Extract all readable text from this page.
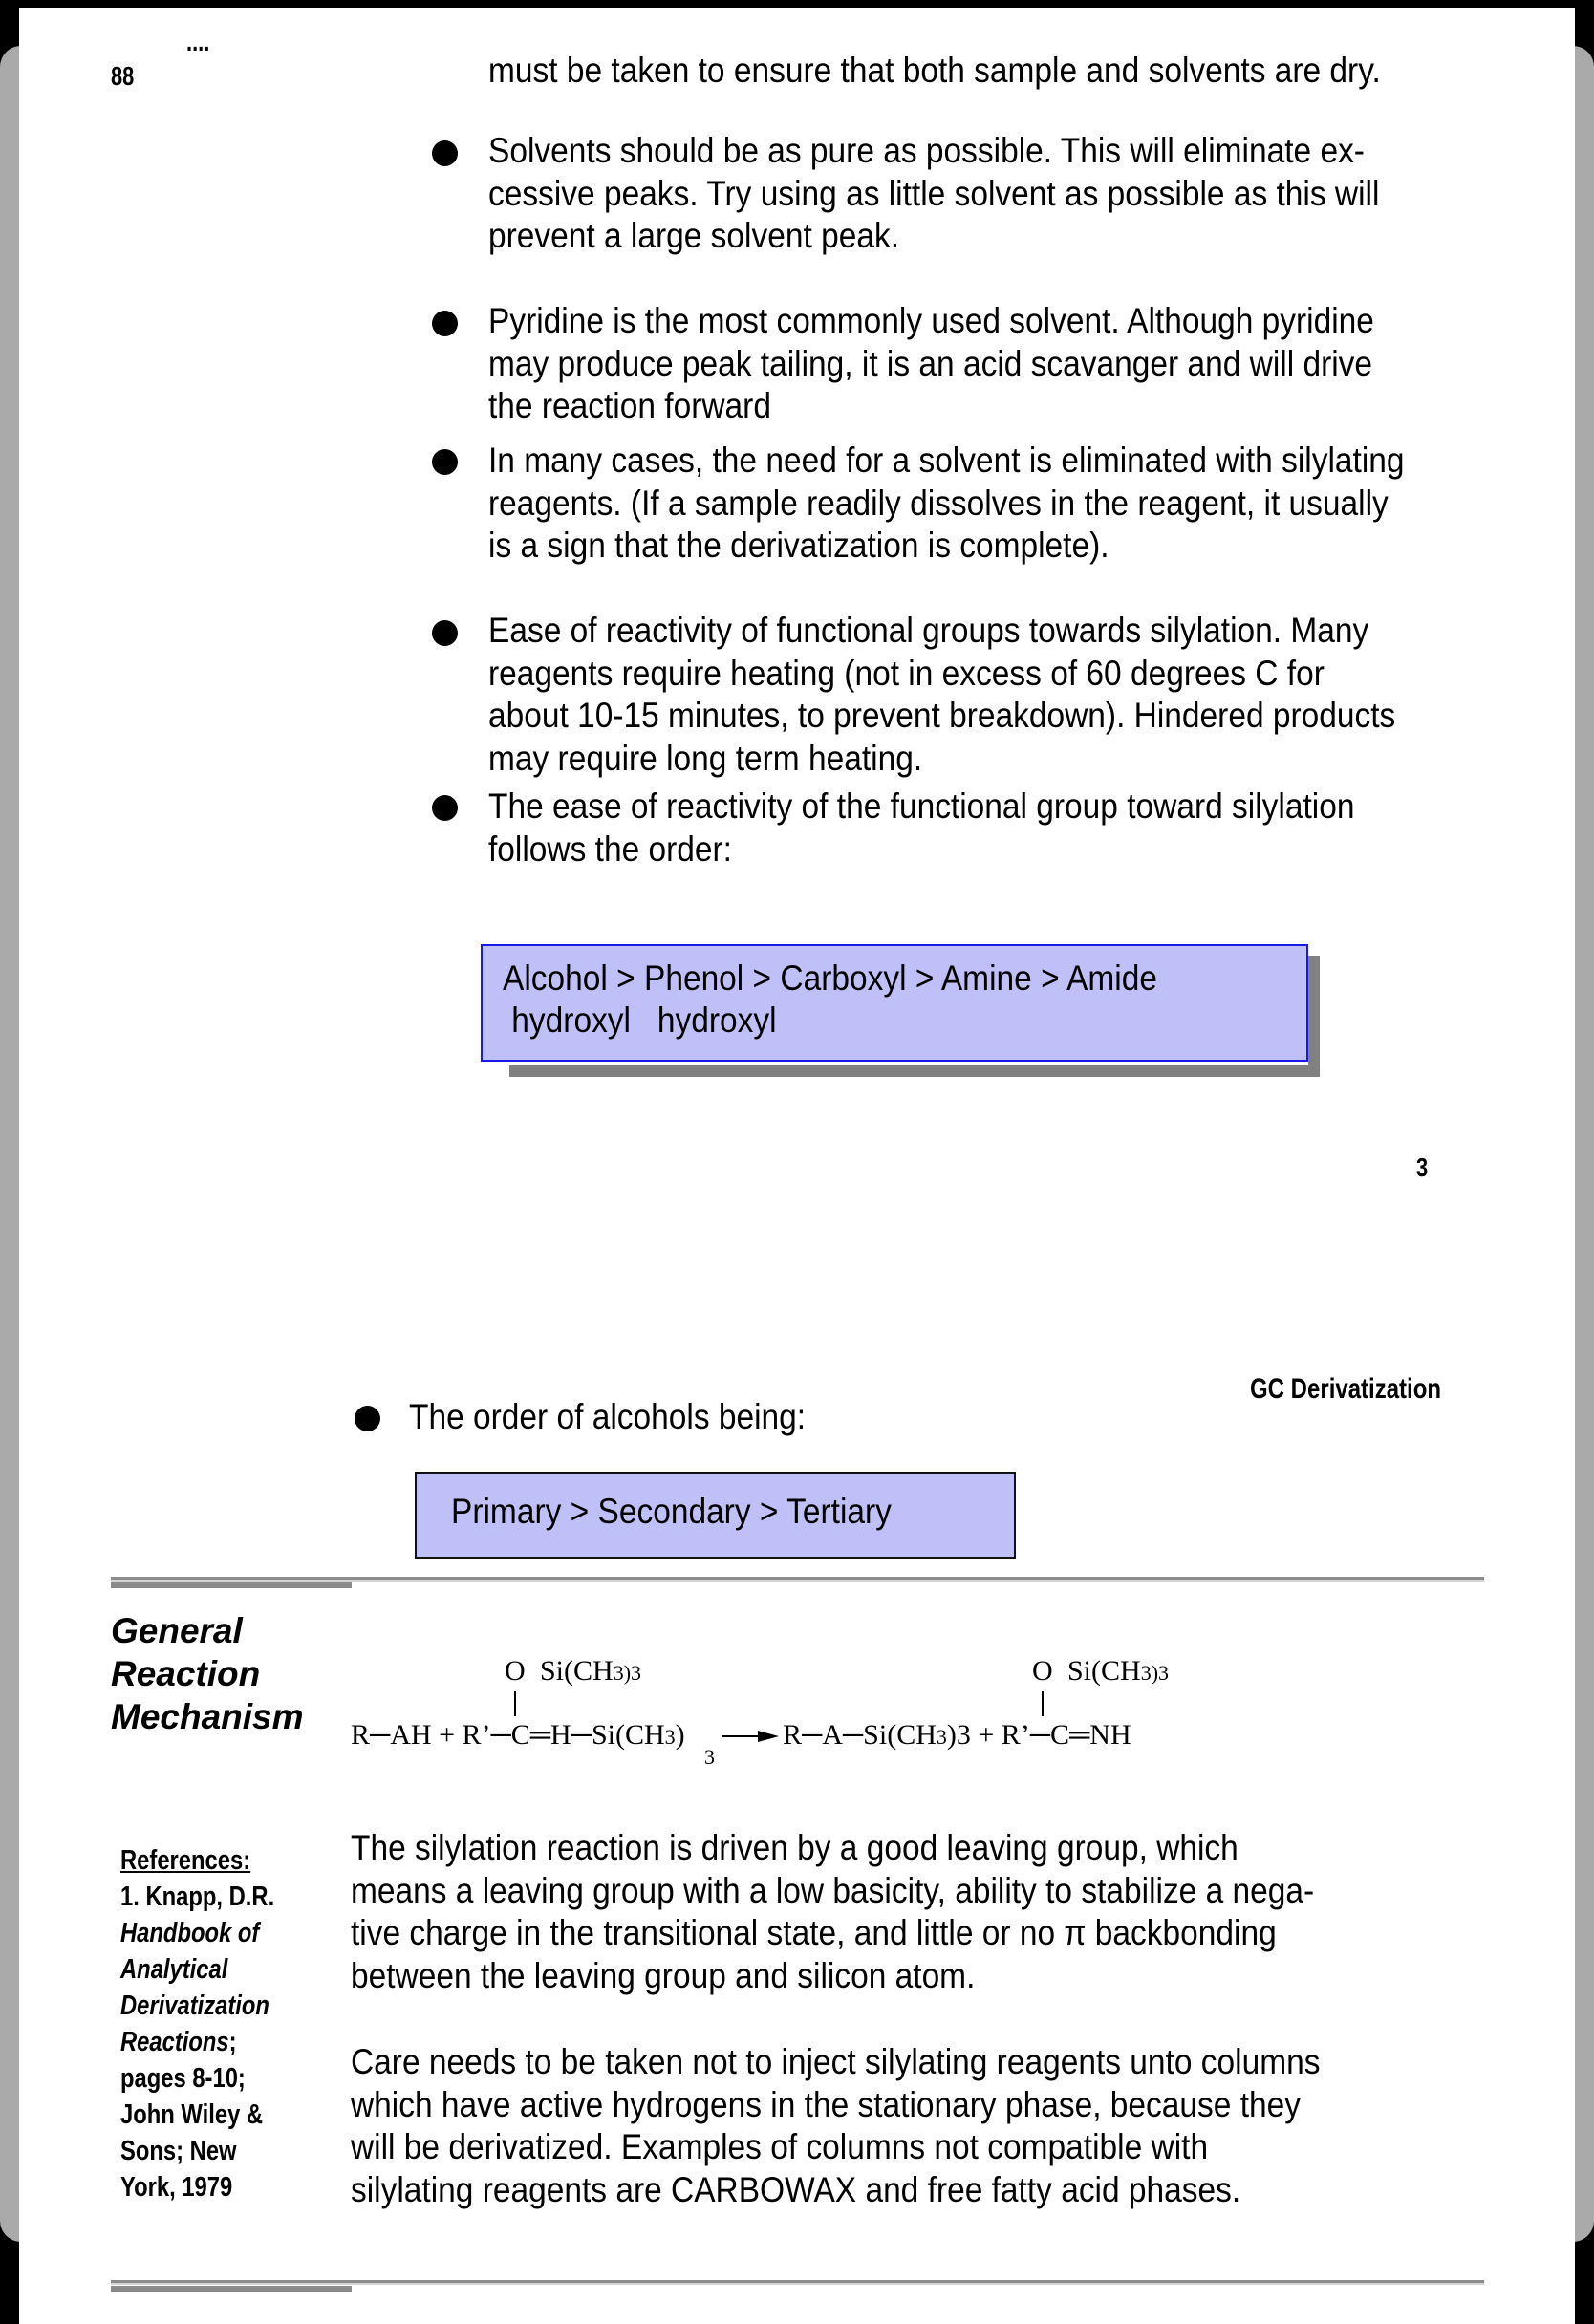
....
88	must be taken to ensure that both sample and solvents are dry.
Solvents should be as pure as possible. This will eliminate ex-
cessive peaks. Try using as little solvent as possible as this will
prevent a large solvent peak.
Pyridine is the most commonly used solvent. Although pyridine
may produce peak tailing, it is an acid scavanger and will drive
the reaction forward
In many cases, the need for a solvent is eliminated with silylating
reagents. (If a sample readily dissolves in the reagent, it usually
is a sign that the derivatization is complete).
Ease of reactivity of functional groups towards silylation. Many
reagents require heating (not in excess of 60 degrees C for
about 10-15 minutes, to prevent breakdown). Hindered products
may require long term heating.
The ease of reactivity of the functional group toward silylation
follows the order:
Alcohol > Phenol > Carboxyl > Amine > Amide
hydroxyl   hydroxyl
3
GC Derivatization
The order of alcohols being:
Primary > Secondary > Tertiary
General
Reaction
Mechanism
O Si(CH3)3
R─AH + R’─C═H─Si(CH3)
3
O Si(CH3)3
R─A─Si(CH3)3 + R’─C═NH
References:
1. Knapp, D.R.
Handbook of
Analytical
Derivatization
Reactions;
pages 8-10;
John Wiley &
Sons; New
York, 1979
The silylation reaction is driven by a good leaving group, which
means a leaving group with a low basicity, ability to stabilize a nega-
tive charge in the transitional state, and little or no π backbonding
between the leaving group and silicon atom.
Care needs to be taken not to inject silylating reagents unto columns
which have active hydrogens in the stationary phase, because they
will be derivatized. Examples of columns not compatible with
silylating reagents are CARBOWAX and free fatty acid phases.
